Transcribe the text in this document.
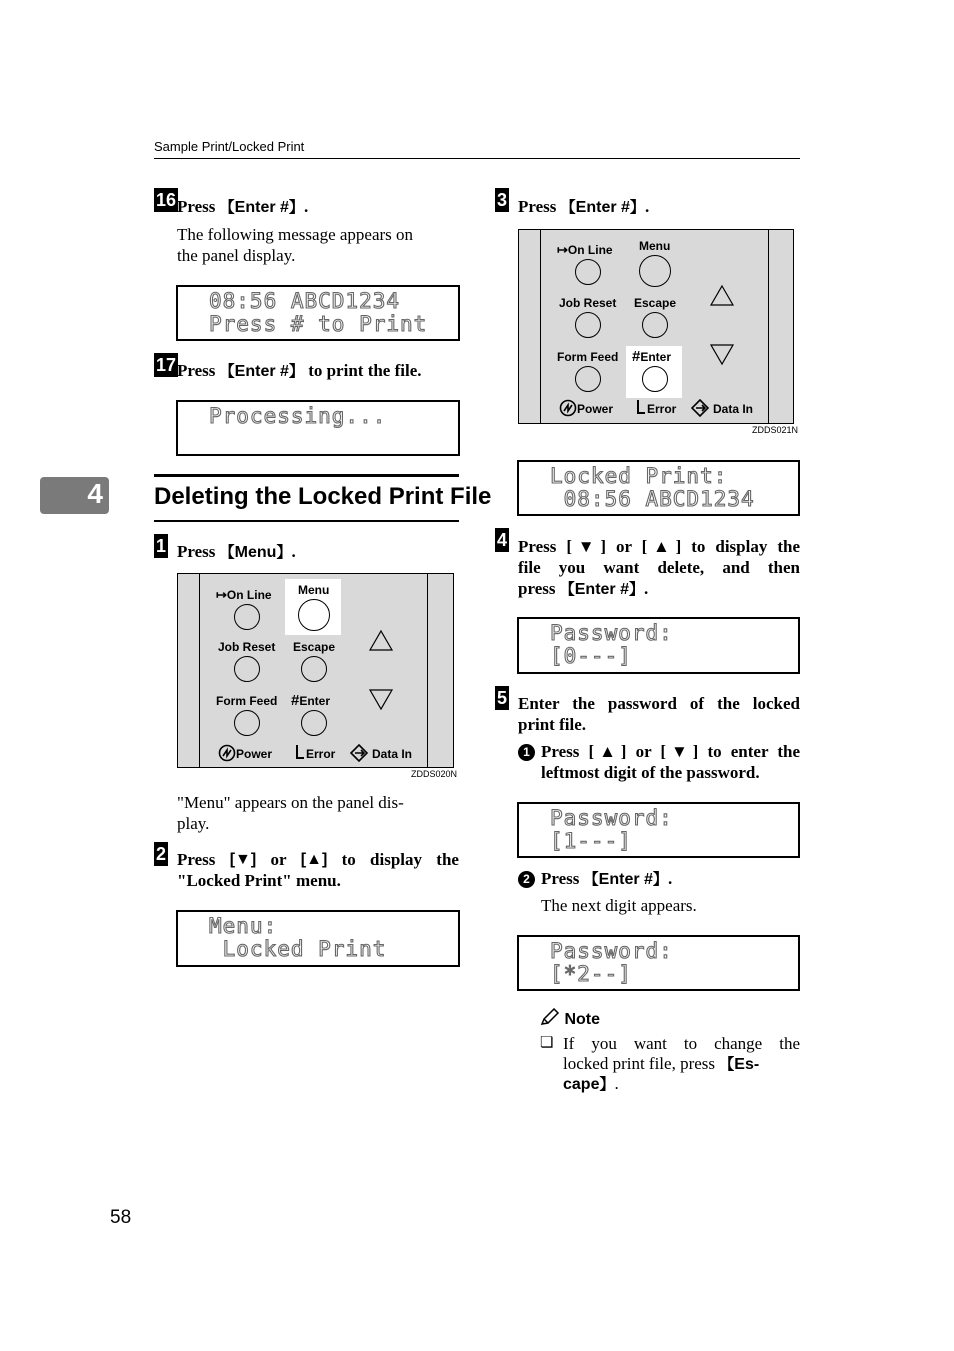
Sample Print/Locked Print
4
16 Press 【Enter #】.
The following message appears on
the panel display.
08:56 ABCD1234
Press # to Print
17 Press 【Enter #】 to print the file.
Processing...
Deleting the Locked Print File
1 Press 【Menu】.
↦On Line Menu
Job Reset Escape
Form Feed #Enter
Power	Error	Data In
ZDDS020N
"Menu" appears on the panel dis-
play.
2 Press [▼] or [▲] to display the
"Locked Print" menu.
Menu:
Locked Print
3 Press 【Enter #】.
↦On Line Menu
Job Reset Escape
Form Feed #Enter
Power	Error	Data In
ZDDS021N
Locked Print:
08:56 ABCD1234
4 Press [▼] or [▲] to display the
file you want delete, and then
press 【Enter #】.
Password:
[0---]
5 Enter the password of the locked
print file.
1 Press [▲] or [▼] to enter the
leftmost digit of the password.
Password:
[1---]
2 Press 【Enter #】.
The next digit appears.
Password:
[*2--]
Note
❏ If you want to change the
locked print file, press 【Es-
cape】.
58
